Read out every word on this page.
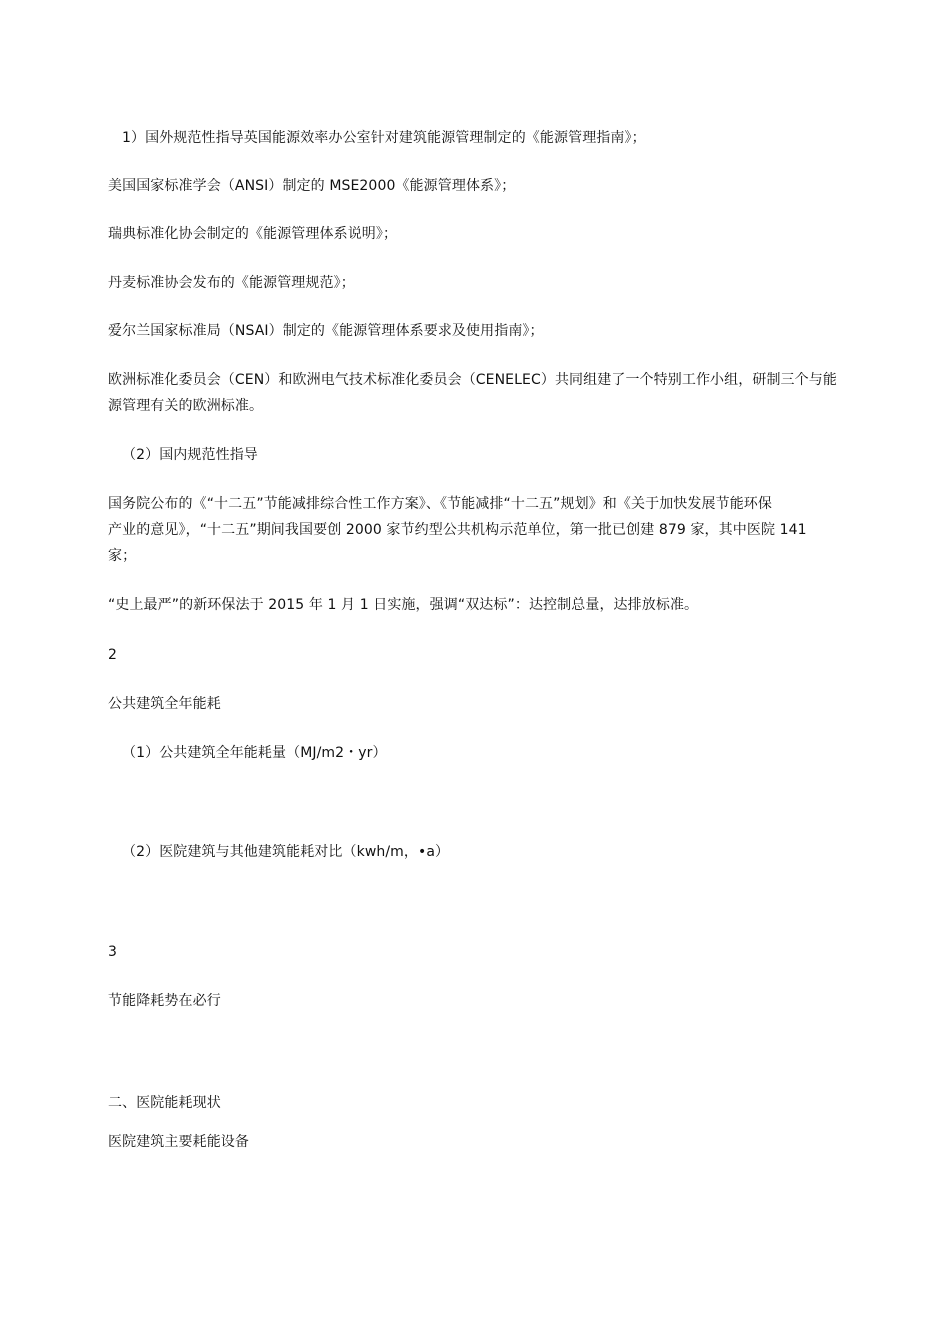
1）国外规范性指导英国能源效率办公室针对建筑能源管理制定的《能源管理指南》；
美国国家标准学会（ANSI）制定的 MSE2000《能源管理体系》；
瑞典标准化协会制定的《能源管理体系说明》；
丹麦标准协会发布的《能源管理规范》；
爱尔兰国家标准局（NSAI）制定的《能源管理体系要求及使用指南》；
欧洲标准化委员会（CEN）和欧洲电气技术标准化委员会（CENELEC）共同组建了一个特别工作小组，研制三个与能
源管理有关的欧洲标准。
（2）国内规范性指导
国务院公布的《“十二五”节能减排综合性工作方案》、《节能减排“十二五”规划》和《关于加快发展节能环保
产业的意见》，“十二五”期间我国要创 2000 家节约型公共机构示范单位，第一批已创建 879 家，其中医院 141
家；
“史上最严”的新环保法于 2015 年 1 月 1 日实施，强调“双达标”：达控制总量，达排放标准。
2
公共建筑全年能耗
（1）公共建筑全年能耗量（MJ/m2・yr）
（2）医院建筑与其他建筑能耗对比（kwh/m，•a）
3
节能降耗势在必行
二、医院能耗现状
医院建筑主要耗能设备
